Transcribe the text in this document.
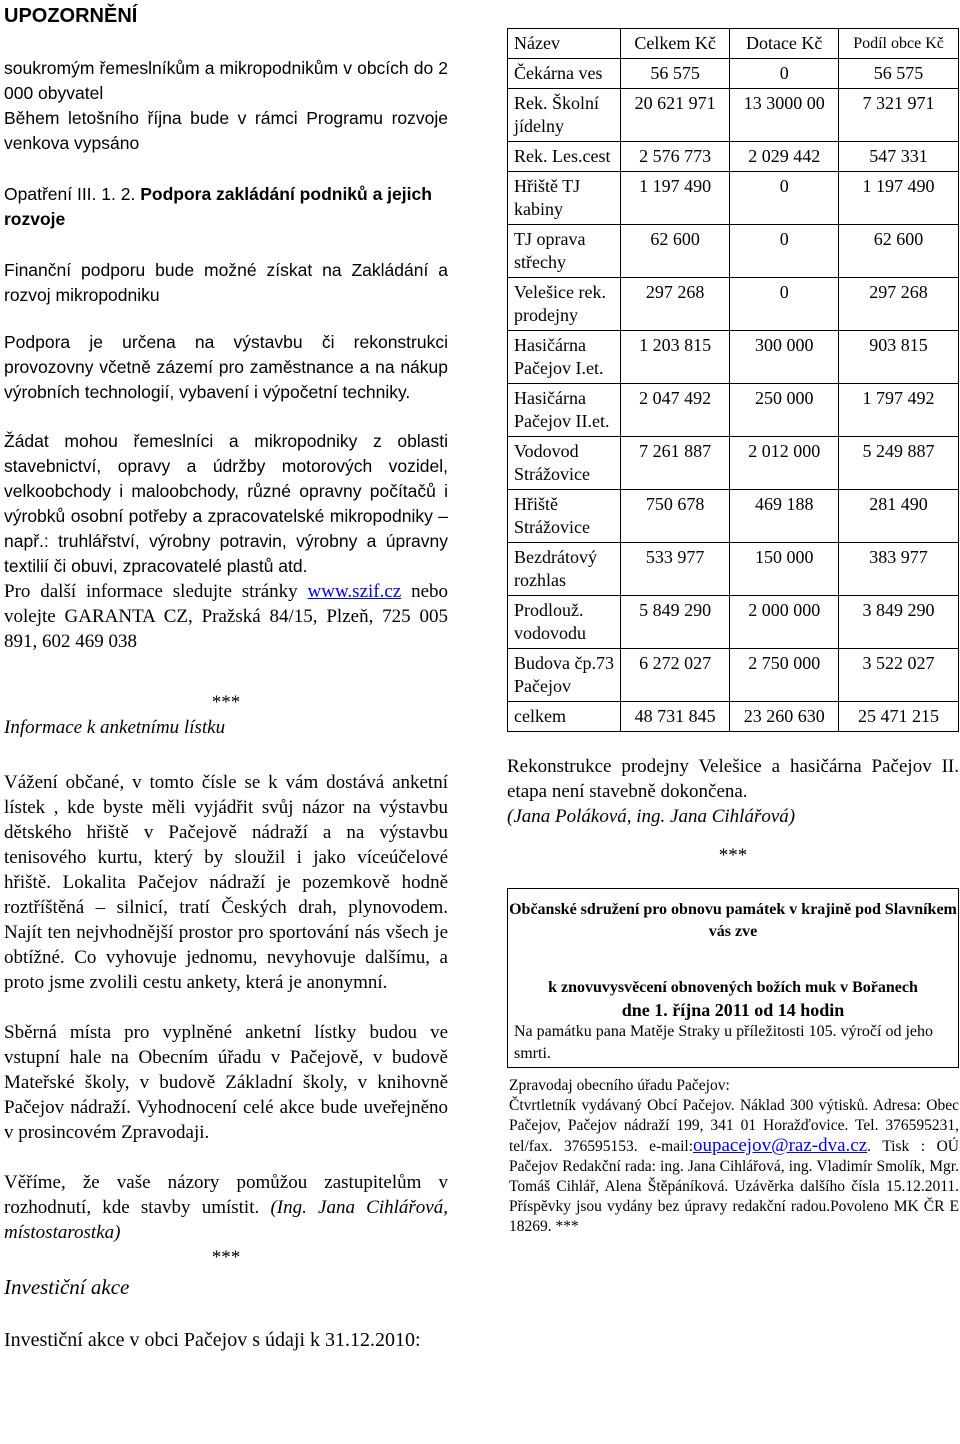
UPOZORNĚNÍ

soukromým řemeslníkům a mikropodnikům v obcích do 2 000 obyvatel
Během letošního října bude v rámci Programu rozvoje venkova vypsáno

Opatření III. 1. 2. Podpora zakládání podniků a jejich rozvoje

Finanční podporu bude možné získat na Zakládání a rozvoj mikropodniku

Podpora je určena na výstavbu či rekonstrukci provozovny včetně zázemí pro zaměstnance a na nákup výrobních technologií, vybavení i výpočetní techniky.

Žádat mohou řemeslníci a mikropodniky z oblasti stavebnictví, opravy a údržby motorových vozidel, velkoobchody i maloobchody, různé opravny počítačů i výrobků osobní potřeby a zpracovatelské mikropodniky – např.: truhlářství, výrobny potravin, výrobny a úpravny textilií či obuvi, zpracovatelé plastů atd.

Pro další informace sledujte stránky www.szif.cz nebo volejte GARANTA CZ, Pražská 84/15, Plzeň, 725 005 891, 602 469 038

***

Informace k anketnímu lístku

Vážení občané, v tomto čísle se k vám dostává anketní lístek , kde byste měli vyjádřit svůj názor na výstavbu dětského hřiště v Pačejově nádraží a na výstavbu tenisového kurtu, který by sloužil i jako víceúčelové hřiště. Lokalita Pačejov nádraží je pozemkově hodně roztříštěná – silnicí, tratí Českých drah, plynovodem. Najít ten nejvhodnější prostor pro sportování nás všech je obtížné. Co vyhovuje jednomu, nevyhovuje dalšímu, a proto jsme zvolili cestu ankety, která je anonymní.

Sběrná místa pro vyplněné anketní lístky budou ve vstupní hale na Obecním úřadu v Pačejově, v budově Mateřské školy, v budově Základní školy, v knihovně Pačejov nádraží. Vyhodnocení celé akce bude uveřejněno v prosincovém Zpravodaji.

Věříme, že vaše názory pomůžou zastupitelům v rozhodnutí, kde stavby umístit. (Ing. Jana Cihlářová, místostarostka)

***

Investiční akce

Investiční akce v obci Pačejov s údaji k 31.12.2010:

Název	Celkem Kč	Dotace Kč	Podíl obce Kč
Čekárna ves	56 575	0	56 575
Rek. Školní jídelny	20 621 971	13 3000 00	7 321 971
Rek. Les.cest	2 576 773	2 029 442	547 331
Hřiště TJ kabiny	1 197 490	0	1 197 490
TJ oprava střechy	62 600	0	62 600
Velešice rek. prodejny	297 268	0	297 268
Hasičárna Pačejov I.et.	1 203 815	300 000	903 815
Hasičárna Pačejov II.et.	2 047 492	250 000	1 797 492
Vodovod Strážovice	7 261 887	2 012 000	5 249 887
Hřiště Strážovice	750 678	469 188	281 490
Bezdrátový rozhlas	533 977	150 000	383 977
Prodlouž. vodovodu	5 849 290	2 000 000	3 849 290
Budova čp.73 Pačejov	6 272 027	2 750 000	3 522 027
celkem	48 731 845	23 260 630	25 471 215

Rekonstrukce prodejny Velešice a hasičárna Pačejov II. etapa není stavebně dokončena.

(Jana Poláková, ing. Jana Cihlářová)

***

Občanské sdružení pro obnovu památek v krajině pod Slavníkem vás zve

k znovuvysvěcení obnovených božích muk v Bořanech

dne 1. října 2011 od 14 hodin

Na památku pana Matěje Straky u příležitosti 105. výročí od jeho smrti.

Zpravodaj obecního úřadu Pačejov:

Čtvrtletník vydávaný Obcí Pačejov. Náklad 300 výtisků. Adresa: Obec Pačejov, Pačejov nádraží 199, 341 01 Horažďovice. Tel. 376595231, tel/fax. 376595153. e-mail:oupacejov@raz-dva.cz. Tisk : OÚ Pačejov Redakční rada: ing. Jana Cihlářová, ing. Vladimír Smolík, Mgr. Tomáš Cihlář, Alena Štěpáníková. Uzávěrka dalšího čísla 15.12.2011. Příspěvky jsou vydány bez úpravy redakční radou.Povoleno MK ČR E 18269. ***
